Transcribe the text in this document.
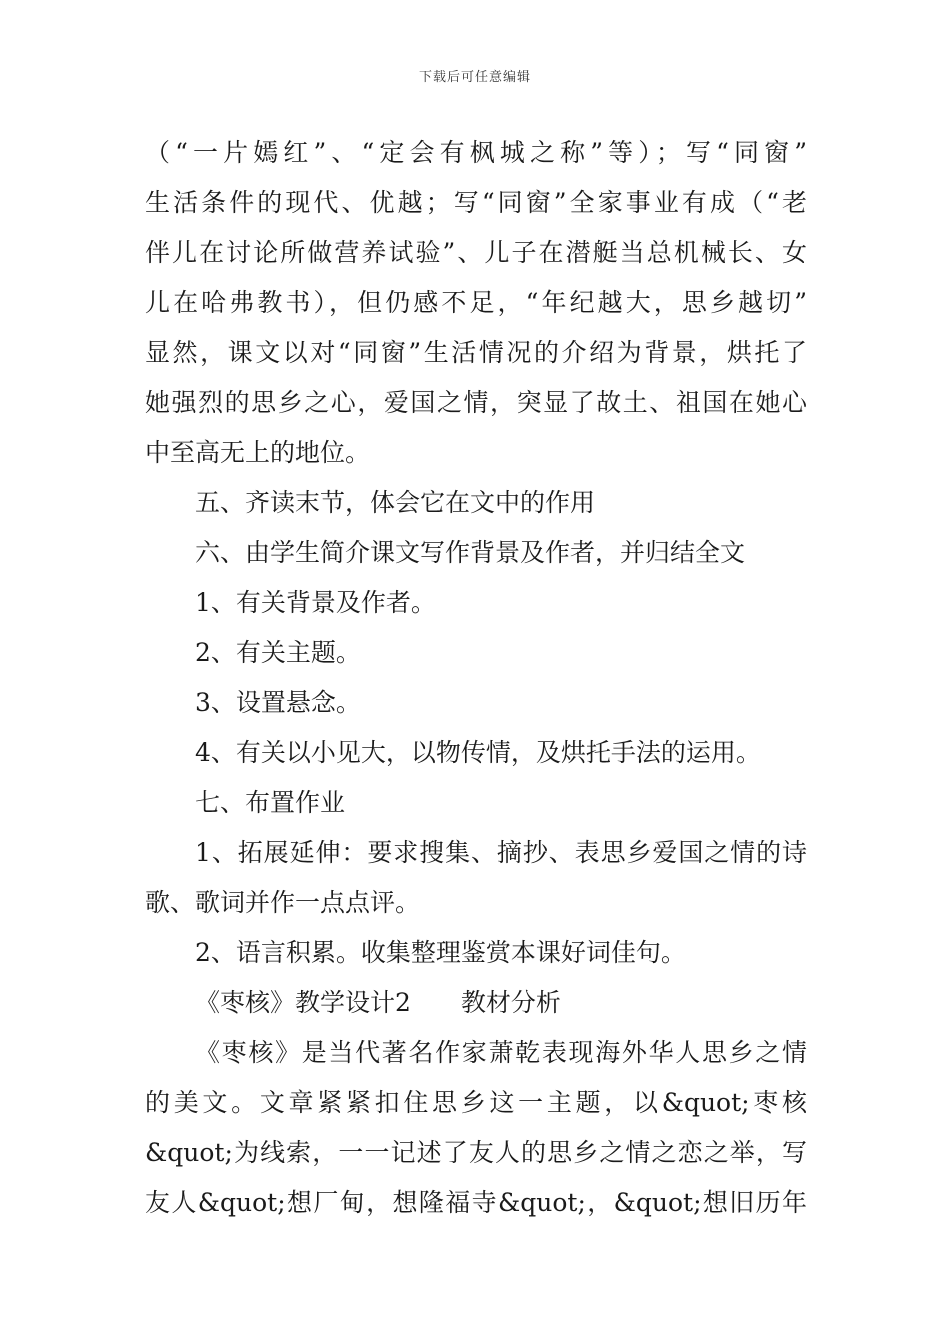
下载后可任意编辑
（“一片嫣红”、“定会有枫城之称”等）；写“同窗”
生活条件的现代、优越；写“同窗”全家事业有成（“老
伴儿在讨论所做营养试验”、儿子在潜艇当总机械长、女
儿在哈弗教书），但仍感不足，“年纪越大，思乡越切”
显然，课文以对“同窗”生活情况的介绍为背景，烘托了
她强烈的思乡之心，爱国之情，突显了故土、祖国在她心
中至高无上的地位。
五、齐读末节，体会它在文中的作用
六、由学生简介课文写作背景及作者，并归结全文
1、有关背景及作者。
2、有关主题。
3、设置悬念。
4、有关以小见大，以物传情，及烘托手法的运用。
七、布置作业
1、拓展延伸：要求搜集、摘抄、表思乡爱国之情的诗
歌、歌词并作一点点评。
2、语言积累。收集整理鉴赏本课好词佳句。
《枣核》教学设计2　　教材分析
《枣核》是当代著名作家萧乾表现海外华人思乡之情
的美文。文章紧紧扣住思乡这一主题，以&quot;枣核
&quot;为线索，一一记述了友人的思乡之情之恋之举，写
友人&quot;想厂甸，想隆福寺&quot;，&quot;想旧历年
